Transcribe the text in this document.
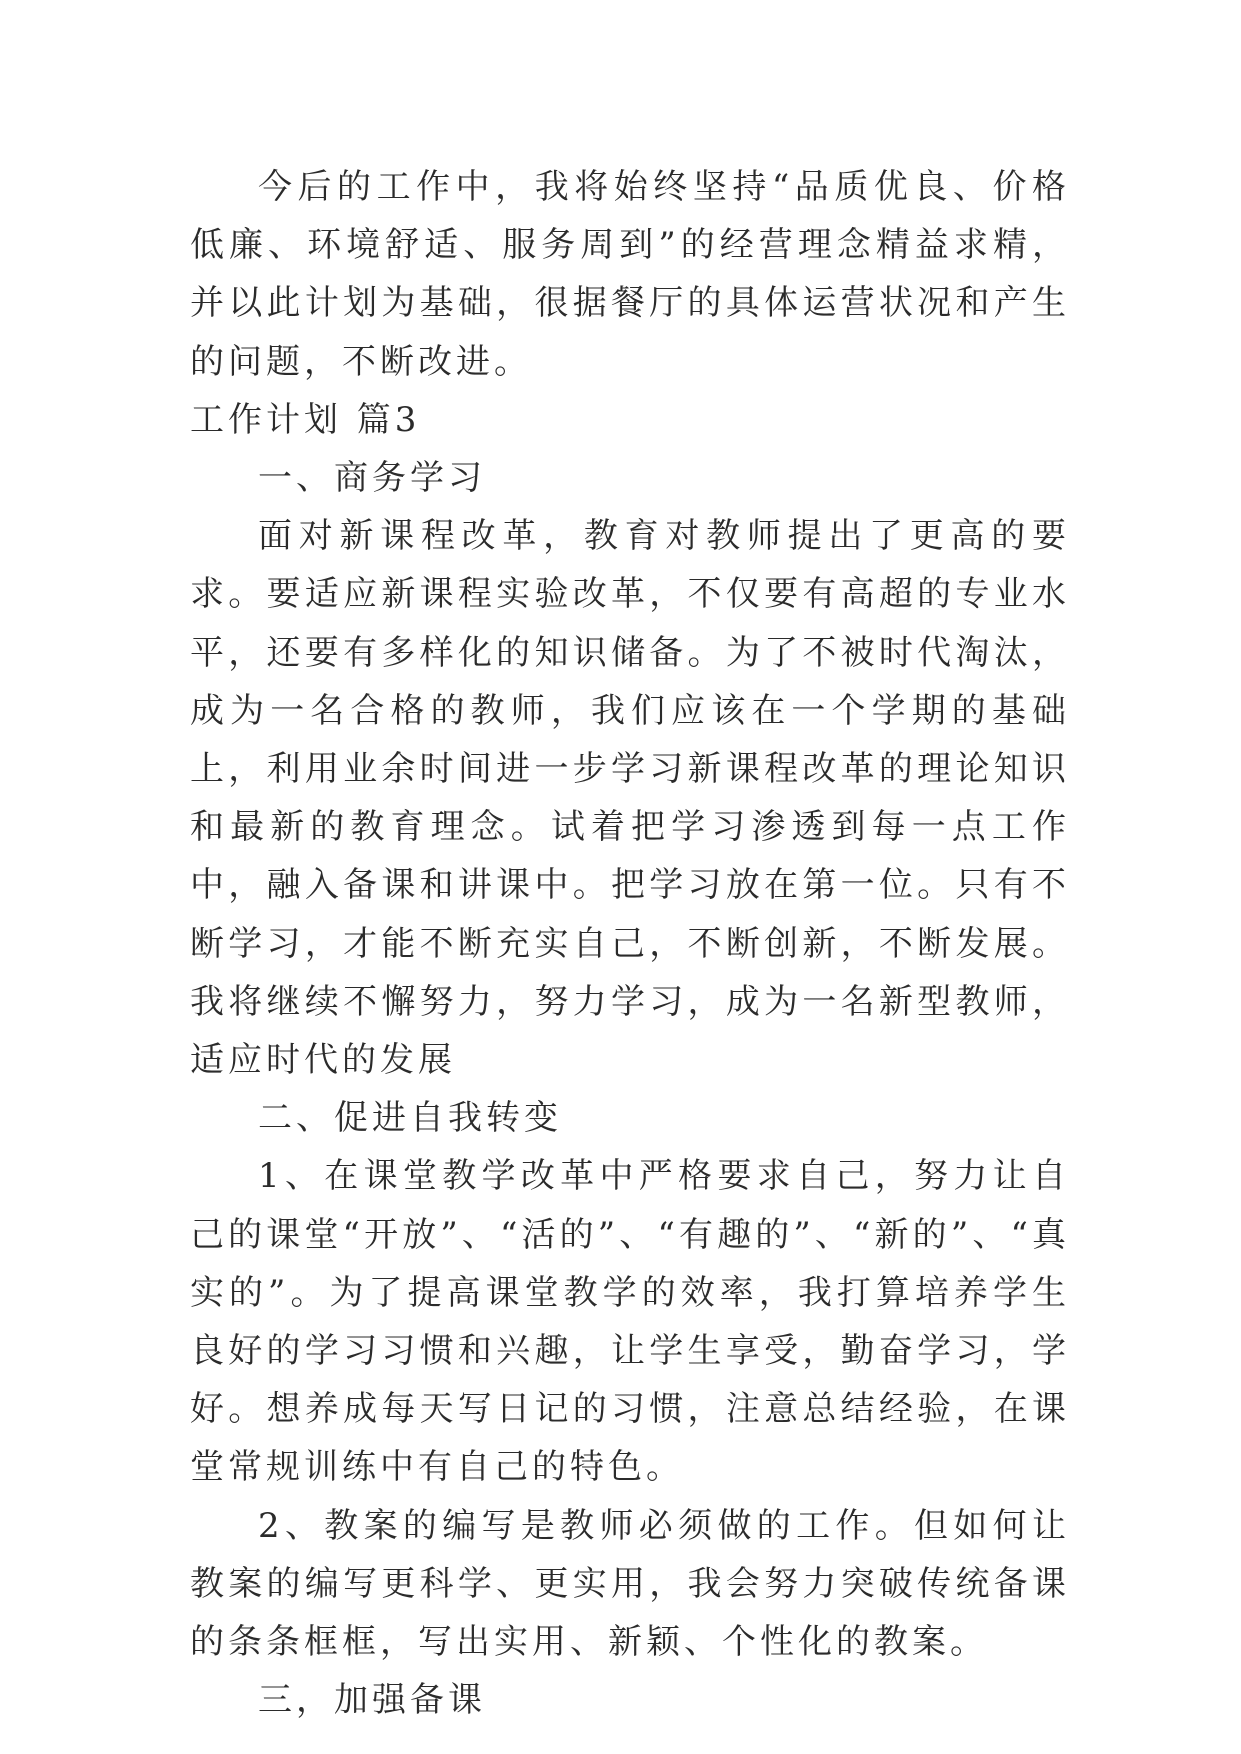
今后的工作中，我将始终坚持“品质优良、价格低廉、环境舒适、服务周到”的经营理念精益求精，并以此计划为基础，很据餐厅的具体运营状况和产生的问题，不断改进。

工作计划 篇3

一、商务学习

面对新课程改革，教育对教师提出了更高的要求。要适应新课程实验改革，不仅要有高超的专业水平，还要有多样化的知识储备。为了不被时代淘汰，成为一名合格的教师，我们应该在一个学期的基础上，利用业余时间进一步学习新课程改革的理论知识和最新的教育理念。试着把学习渗透到每一点工作中，融入备课和讲课中。把学习放在第一位。只有不断学习，才能不断充实自己，不断创新，不断发展。我将继续不懈努力，努力学习，成为一名新型教师，适应时代的发展

二、促进自我转变

1、在课堂教学改革中严格要求自己，努力让自己的课堂“开放”、“活的”、“有趣的”、“新的”、“真实的”。为了提高课堂教学的效率，我打算培养学生良好的学习习惯和兴趣，让学生享受，勤奋学习，学好。想养成每天写日记的习惯，注意总结经验，在课堂常规训练中有自己的特色。

2、教案的编写是教师必须做的工作。但如何让教案的编写更科学、更实用，我会努力突破传统备课的条条框框，写出实用、新颖、个性化的教案。

三，加强备课
